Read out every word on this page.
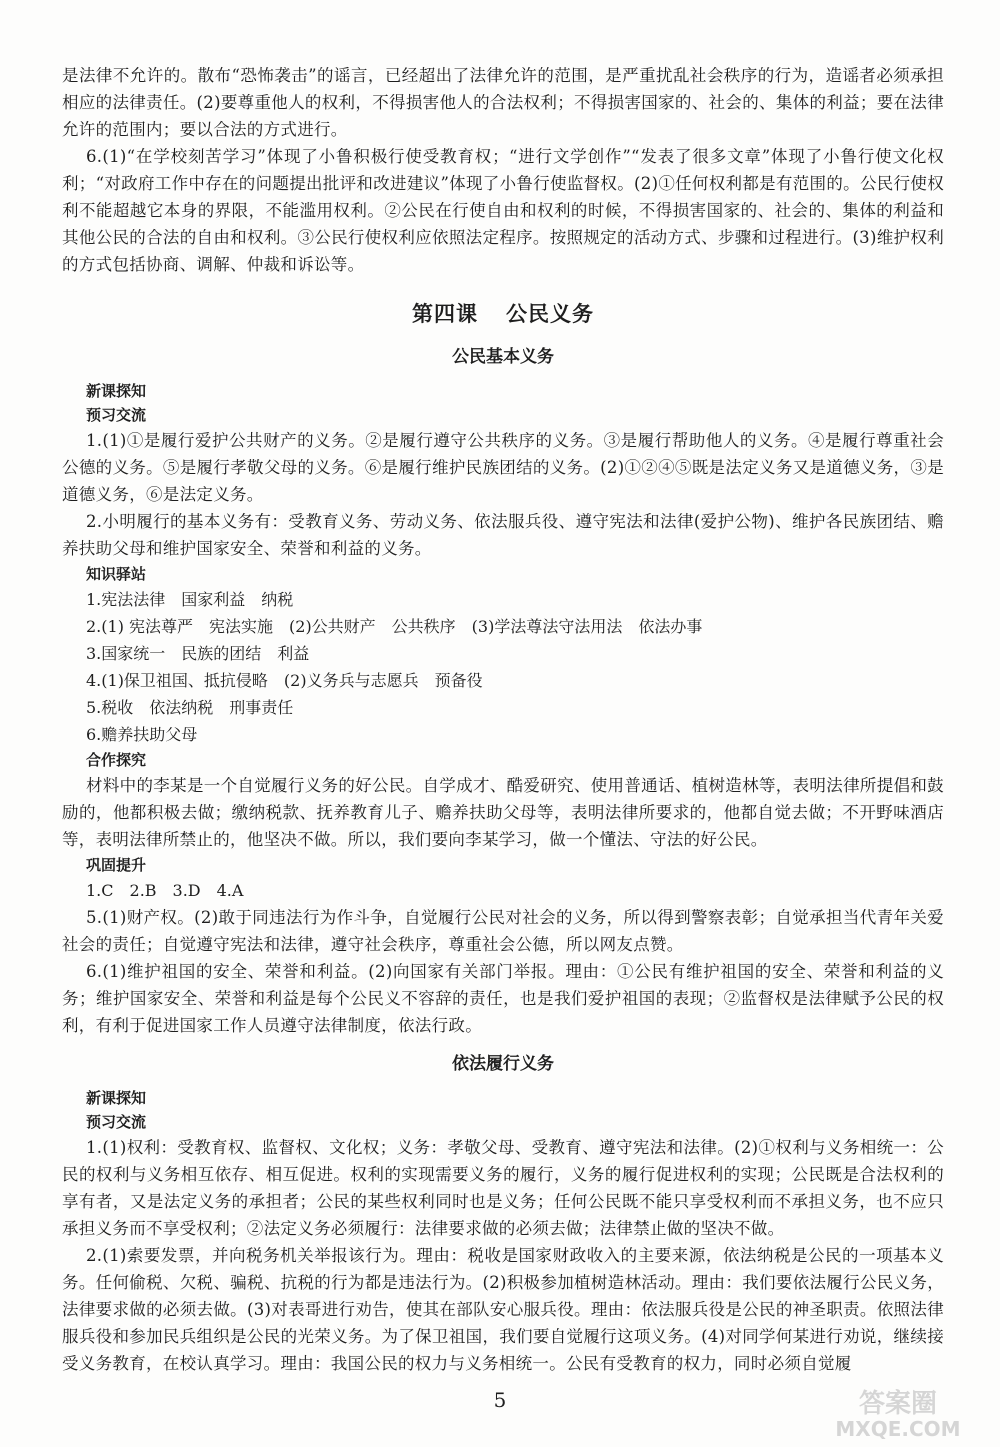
是法律不允许的。散布“恐怖袭击”的谣言，已经超出了法律允许的范围，是严重扰乱社会秩序的行为，造谣者必须承担相应的法律责任。(2)要尊重他人的权利，不得损害他人的合法权利；不得损害国家的、社会的、集体的利益；要在法律允许的范围内；要以合法的方式进行。

6.(1)“在学校刻苦学习”体现了小鲁积极行使受教育权；“进行文学创作”“发表了很多文章”体现了小鲁行使文化权利；“对政府工作中存在的问题提出批评和改进建议”体现了小鲁行使监督权。(2)①任何权利都是有范围的。公民行使权利不能超越它本身的界限，不能滥用权利。②公民在行使自由和权利的时候，不得损害国家的、社会的、集体的利益和其他公民的合法的自由和权利。③公民行使权利应依照法定程序。按照规定的活动方式、步骤和过程进行。(3)维护权利的方式包括协商、调解、仲裁和诉讼等。

第四课 公民义务
公民基本义务
新课探知
预习交流

1.(1)①是履行爱护公共财产的义务。②是履行遵守公共秩序的义务。③是履行帮助他人的义务。④是履行尊重社会公德的义务。⑤是履行孝敬父母的义务。⑥是履行维护民族团结的义务。(2)①②④⑤既是法定义务又是道德义务，③是道德义务，⑥是法定义务。

2.小明履行的基本义务有：受教育义务、劳动义务、依法服兵役、遵守宪法和法律(爱护公物)、维护各民族团结、赡养扶助父母和维护国家安全、荣誉和利益的义务。

知识驿站
1.宪法法律　国家利益　纳税
2.(1) 宪法尊严　宪法实施　(2)公共财产　公共秩序　(3)学法尊法守法用法　依法办事
3.国家统一　民族的团结　利益
4.(1)保卫祖国、抵抗侵略　(2)义务兵与志愿兵　预备役
5.税收　依法纳税　刑事责任
6.赡养扶助父母
合作探究

材料中的李某是一个自觉履行义务的好公民。自学成才、酷爱研究、使用普通话、植树造林等，表明法律所提倡和鼓励的，他都积极去做；缴纳税款、抚养教育儿子、赡养扶助父母等，表明法律所要求的，他都自觉去做；不开野味酒店等，表明法律所禁止的，他坚决不做。所以，我们要向李某学习，做一个懂法、守法的好公民。

巩固提升
1.C　2.B　3.D　4.A

5.(1)财产权。(2)敢于同违法行为作斗争，自觉履行公民对社会的义务，所以得到警察表彰；自觉承担当代青年关爱社会的责任；自觉遵守宪法和法律，遵守社会秩序，尊重社会公德，所以网友点赞。

6.(1)维护祖国的安全、荣誉和利益。(2)向国家有关部门举报。理由：①公民有维护祖国的安全、荣誉和利益的义务；维护国家安全、荣誉和利益是每个公民义不容辞的责任，也是我们爱护祖国的表现；②监督权是法律赋予公民的权利，有利于促进国家工作人员遵守法律制度，依法行政。

依法履行义务
新课探知
预习交流

1.(1)权利：受教育权、监督权、文化权；义务：孝敬父母、受教育、遵守宪法和法律。(2)①权利与义务相统一：公民的权利与义务相互依存、相互促进。权利的实现需要义务的履行，义务的履行促进权利的实现；公民既是合法权利的享有者，又是法定义务的承担者；公民的某些权利同时也是义务；任何公民既不能只享受权利而不承担义务，也不应只承担义务而不享受权利；②法定义务必须履行：法律要求做的必须去做；法律禁止做的坚决不做。

2.(1)索要发票，并向税务机关举报该行为。理由：税收是国家财政收入的主要来源，依法纳税是公民的一项基本义务。任何偷税、欠税、骗税、抗税的行为都是违法行为。(2)积极参加植树造林活动。理由：我们要依法履行公民义务，法律要求做的必须去做。(3)对表哥进行劝告，使其在部队安心服兵役。理由：依法服兵役是公民的神圣职责。依照法律服兵役和参加民兵组织是公民的光荣义务。为了保卫祖国，我们要自觉履行这项义务。(4)对同学何某进行劝说，继续接受义务教育，在校认真学习。理由：我国公民的权力与义务相统一。公民有受教育的权力，同时必须自觉履

5	答案圈
MXQE.COM
